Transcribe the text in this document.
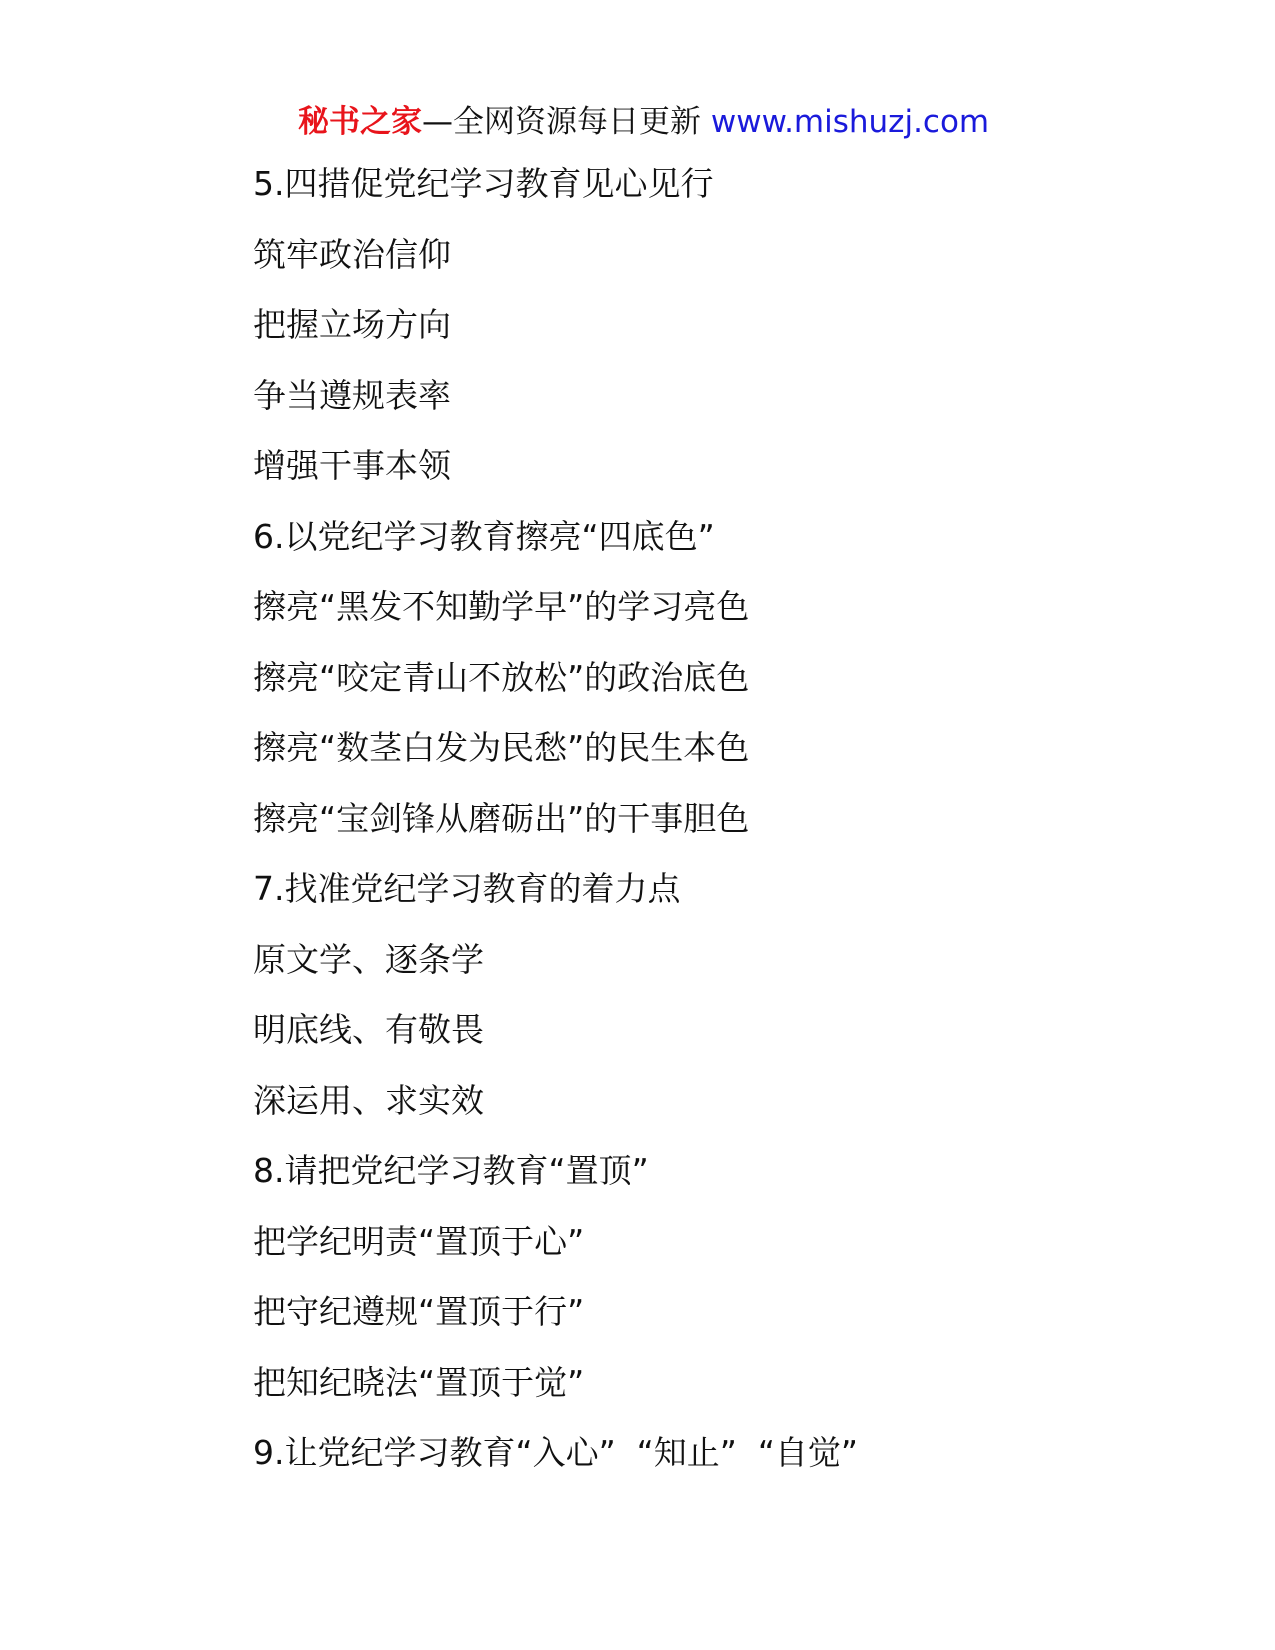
秘书之家—全网资源每日更新 www.mishuzj.com
5.四措促党纪学习教育见心见行
筑牢政治信仰
把握立场方向
争当遵规表率
增强干事本领
6.以党纪学习教育擦亮“四底色”
擦亮“黑发不知勤学早”的学习亮色
擦亮“咬定青山不放松”的政治底色
擦亮“数茎白发为民愁”的民生本色
擦亮“宝剑锋从磨砺出”的干事胆色
7.找准党纪学习教育的着力点
原文学、逐条学
明底线、有敬畏
深运用、求实效
8.请把党纪学习教育“置顶”
把学纪明责“置顶于心”
把守纪遵规“置顶于行”
把知纪晓法“置顶于觉”
9.让党纪学习教育“入心”  “知止”  “自觉”
